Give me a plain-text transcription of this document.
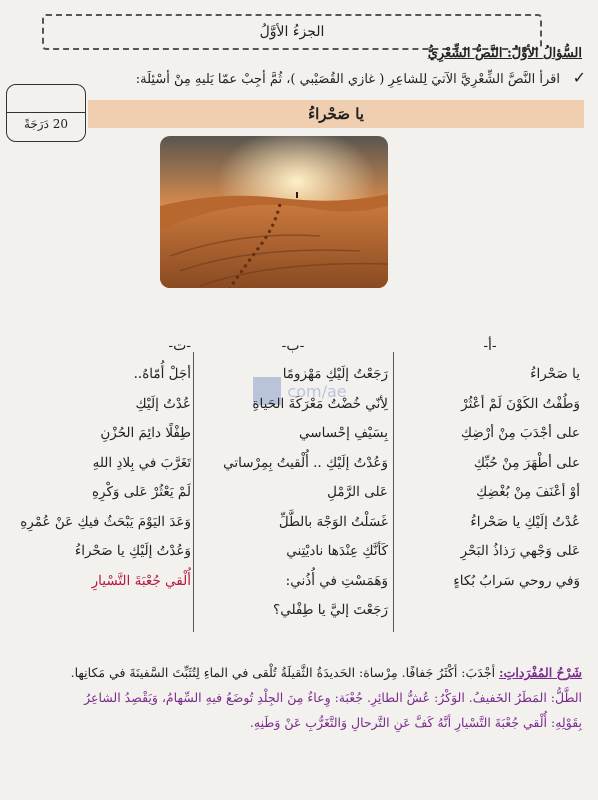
الجزءُ الأوَّلُ
السُّؤالُ الأوَّلُ: النَّصُّ الشِّعْرِيُّ
✓
اقرأ النَّصَّ الشِّعْرِيَّ الآتيَ لِلشاعِرِ ( غازي القُصَيْبي )، ثُمَّ أجِبْ عمّا يَليهِ مِنْ أسْئِلَة:
20 دَرَجَةً
يا صَحْراءُ
com/ae
-أ-
يا صَحْراءُ
وَطُفْتُ الكَوْنَ لَمْ أعْثُرْ
على أجْدَبَ مِنْ أرْضِكِ
على أطْهَرَ مِنْ حُبِّكِ
أوْ أعْنَفَ مِنْ بُغْضِكِ
عُدْتُ إلَيْكِ يا صَحْراءُ
عَلى وَجْهي رَذاذُ البَحْرِ
وَفي روحي سَرابُ بُكاءٍ
-ب-
رَجَعْتُ إلَيْكِ مَهْزومًا
لِأنّي خُضْتُ مَعْرَكَةَ الحَياةِ
بِسَيْفِ إحْساسي
وَعُدْتُ إلَيْكِ .. أُلْقيتُ بِمِرْساتي
عَلى الرَّمْلِ
غَسَلْتُ الوَجْهَ بالطَّلِّ
كَأنَّكِ عِنْدَها ناديْتِني
وَهَمَسْتِ في أُذُني:
رَجَعْتَ إليَّ يا طِفْلي؟
-ت-
أجَلْ أُمّاهُ..
عُدْتُ إلَيْكِ
طِفْلًا دائِمَ الحُزْنِ
تَغَرَّبَ في بِلادِ اللهِ
لَمْ يَعْثُرْ عَلى وَكْرِهِ
وَعَدَ اليَوْمَ يَبْحَثُ فيكِ عَنْ عُمْرِهِ
وَعُدْتُ إلَيْكِ يا صَحْراءُ
أُلْقي جُعْبَةَ التَّسْيارِ
شَرْحُ المُفْرَداتِ: أجْدَبَ: أكْثَرُ جَفافًا. مِرْساة: الحَديدَةُ الثَّقيلَةُ تُلْقى في الماءِ لِتُثَبِّتَ السَّفينَةَ في مَكانِها.
الطَّلُّ: المَطَرُ الخَفيفُ. الوَكْرُ: عُشُّ الطائِرِ. جُعْبَة: وِعاءٌ مِنَ الجِلْدِ تُوضَعُ فيهِ السِّهامُ، وَيَقْصِدُ الشاعِرُ
بِقَوْلِهِ: أُلْقي جُعْبَةَ التَّسْيارِ أنَّهُ كَفَّ عَنِ التَّرحالِ وَالتَّغَرُّبِ عَنْ وَطَنِهِ.
